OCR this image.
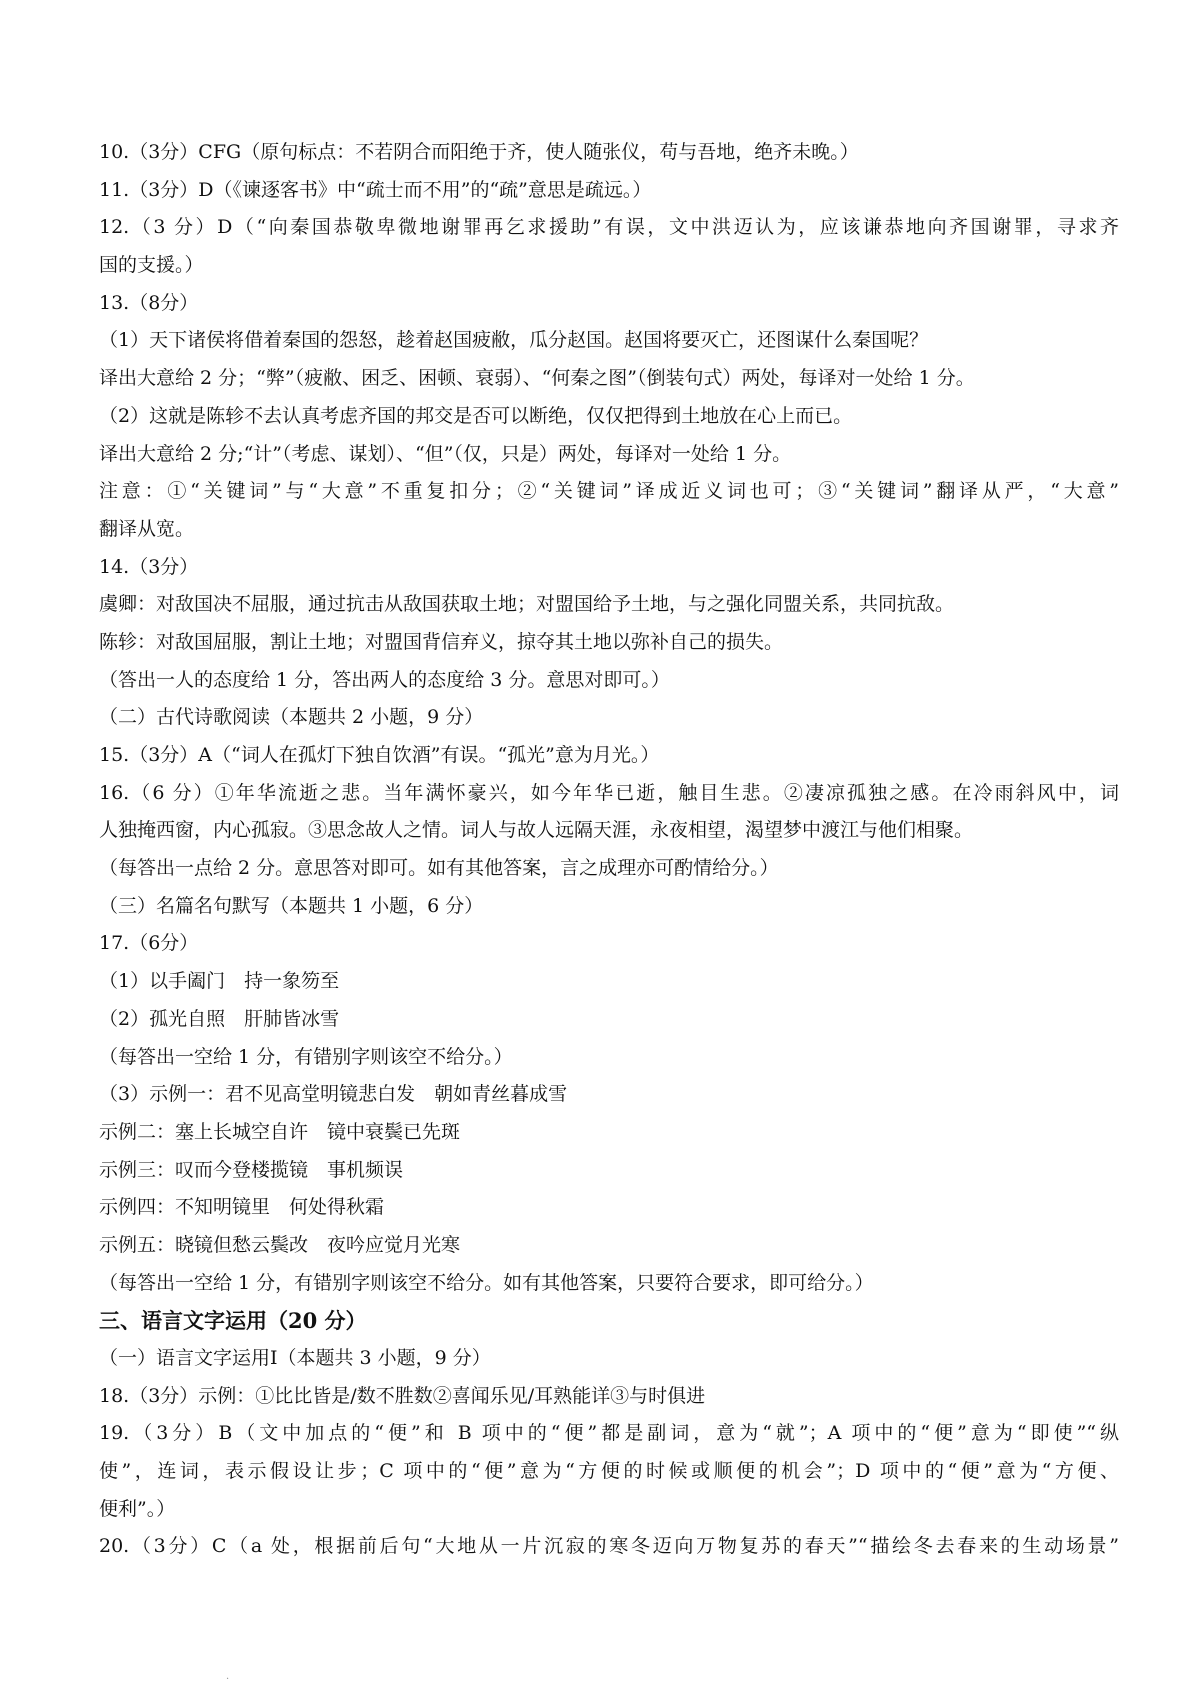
10.（3分）CFG（原句标点：不若阴合而阳绝于齐，使人随张仪，苟与吾地，绝齐未晚。）
11.（3分）D（《谏逐客书》中“疏士而不用”的“疏”意思是疏远。）
12.（3 分）D（“向秦国恭敬卑微地谢罪再乞求援助”有误，文中洪迈认为，应该谦恭地向齐国谢罪，寻求齐
国的支援。）
13.（8分）
（1）天下诸侯将借着秦国的怨怒，趁着赵国疲敝，瓜分赵国。赵国将要灭亡，还图谋什么秦国呢？
译出大意给 2 分；“弊”（疲敝、困乏、困顿、衰弱）、“何秦之图”（倒装句式）两处，每译对一处给 1 分。
（2）这就是陈轸不去认真考虑齐国的邦交是否可以断绝，仅仅把得到土地放在心上而已。
译出大意给 2 分;“计”（考虑、谋划）、“但”（仅，只是）两处，每译对一处给 1 分。
注意：①“关键词”与“大意”不重复扣分；②“关键词”译成近义词也可；③“关键词”翻译从严，“大意”
翻译从宽。
14.（3分）
虞卿：对敌国决不屈服，通过抗击从敌国获取土地；对盟国给予土地，与之强化同盟关系，共同抗敌。
陈轸：对敌国屈服，割让土地；对盟国背信弃义，掠夺其土地以弥补自己的损失。
（答出一人的态度给 1 分，答出两人的态度给 3 分。意思对即可。）
（二）古代诗歌阅读（本题共 2 小题，9 分）
15.（3分）A（“词人在孤灯下独自饮酒”有误。“孤光”意为月光。）
16.（6 分）①年华流逝之悲。当年满怀豪兴，如今年华已逝，触目生悲。②凄凉孤独之感。在冷雨斜风中，词
人独掩西窗，内心孤寂。③思念故人之情。词人与故人远隔天涯，永夜相望，渴望梦中渡江与他们相聚。
（每答出一点给 2 分。意思答对即可。如有其他答案，言之成理亦可酌情给分。）
（三）名篇名句默写（本题共 1 小题，6 分）
17.（6分）
（1）以手阖门　持一象笏至
（2）孤光自照　肝肺皆冰雪
（每答出一空给 1 分，有错别字则该空不给分。）
（3）示例一：君不见高堂明镜悲白发　朝如青丝暮成雪
示例二：塞上长城空自许　镜中衰鬓已先斑
示例三：叹而今登楼揽镜　事机频误
示例四：不知明镜里　何处得秋霜
示例五：晓镜但愁云鬓改　夜吟应觉月光寒
（每答出一空给 1 分，有错别字则该空不给分。如有其他答案，只要符合要求，即可给分。）
三、语言文字运用（20 分）
（一）语言文字运用Ⅰ（本题共 3 小题，9 分）
18.（3分）示例：①比比皆是/数不胜数②喜闻乐见/耳熟能详③与时俱进
19.（3分）B（文中加点的“便”和 B 项中的“便”都是副词，意为“就”；A 项中的“便”意为“即使”“纵
使”，连词，表示假设让步；C 项中的“便”意为“方便的时候或顺便的机会”；D 项中的“便”意为“方便、
便利”。）
20.（3分）C（a 处，根据前后句“大地从一片沉寂的寒冬迈向万物复苏的春天”“描绘冬去春来的生动场景”
·
